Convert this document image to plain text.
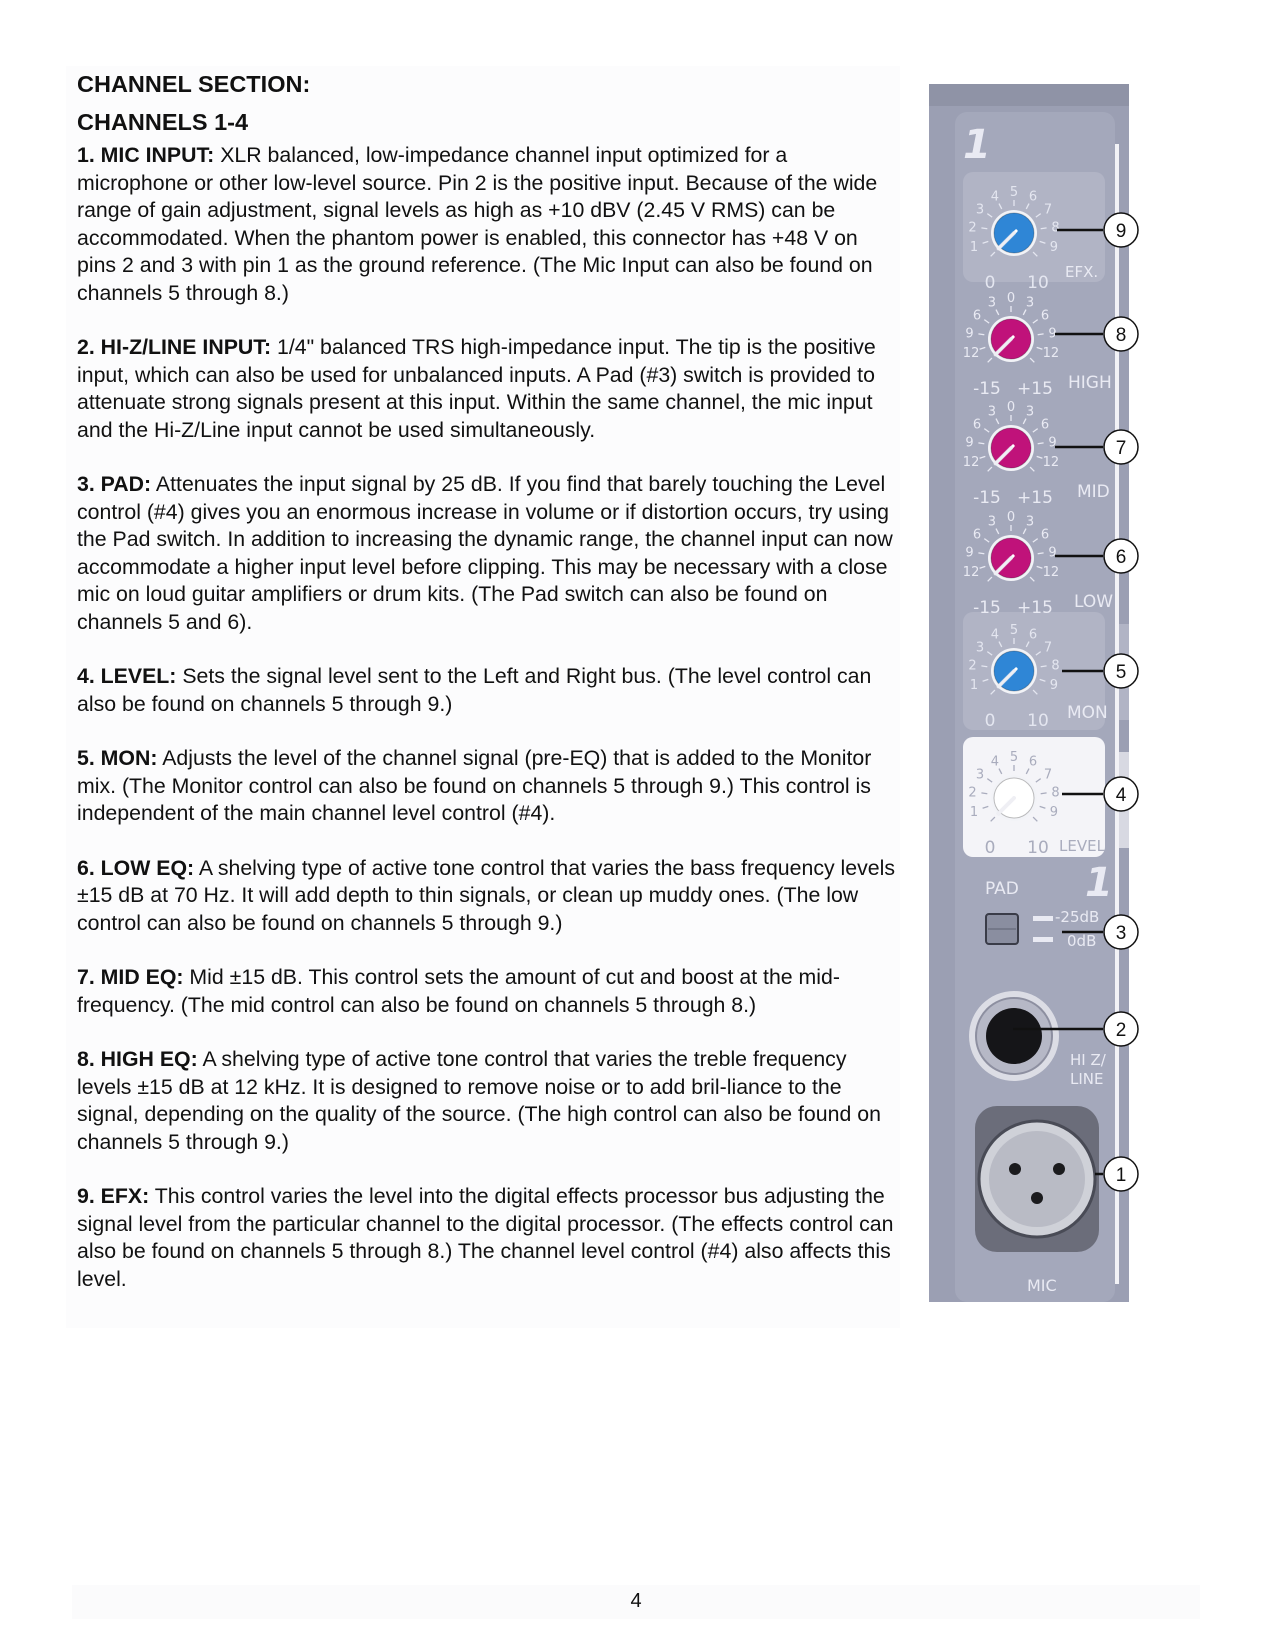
CHANNEL SECTION:

CHANNELS 1-4

1. MIC INPUT: XLR balanced, low-impedance channel input optimized for a microphone or other low-level source. Pin 2 is the positive input. Because of the wide range of gain adjustment, signal levels as high as +10 dBV (2.45 V RMS) can be accommodated. When the phantom power is enabled, this connector has +48 V on pins 2 and 3 with pin 1 as the ground reference. (The Mic Input can also be found on channels 5 through 8.)

2. HI-Z/LINE INPUT: 1/4" balanced TRS high-impedance input. The tip is the positive input, which can also be used for unbalanced inputs. A Pad (#3) switch is provided to attenuate strong signals present at this input. Within the same channel, the mic input and the Hi-Z/Line input cannot be used simultaneously.

3. PAD: Attenuates the input signal by 25 dB. If you find that barely touching the Level control (#4) gives you an enormous increase in volume or if distortion occurs, try using the Pad switch. In addition to increasing the dynamic range, the channel input can now accommodate a higher input level before clipping. This may be necessary with a close mic on loud guitar amplifiers or drum kits. (The Pad switch can also be found on channels 5 and 6).

4. LEVEL: Sets the signal level sent to the Left and Right bus. (The level control can also be found on channels 5 through 9.)

5. MON: Adjusts the level of the channel signal (pre-EQ) that is added to the Monitor mix. (The Monitor control can also be found on channels 5 through 9.) This control is independent of the main channel level control (#4).

6. LOW EQ: A shelving type of active tone control that varies the bass frequency levels ±15 dB at 70 Hz. It will add depth to thin signals, or clean up muddy ones. (The low control can also be found on channels 5 through 9.)

7. MID EQ: Mid ±15 dB. This control sets the amount of cut and boost at the mid-frequency. (The mid control can also be found on channels 5 through 8.)

8. HIGH EQ: A shelving type of active tone control that varies the treble frequency levels ±15 dB at 12 kHz. It is designed to remove noise or to add bril-liance to the signal, depending on the quality of the source. (The high control can also be found on channels 5 through 9.)

9. EFX: This control varies the level into the digital effects processor bus adjusting the signal level from the particular channel to the digital processor. (The effects control can also be found on channels 5 through 8.) The channel level control (#4) also affects this level.

1
0
1
2
3
4 5 6
7
8
9
10
-15
12
9
6
3 0 3
6
9
12
+15
-15
12
9
6
3 0 3
6
9
12
+15
-15
12
9
6
3 0 3
6
9
12
+15
0
1
2
3
4 5 6
7
8
9
10
0
1
2
3
4 5 6
7
8
9
10
EFX.
HIGH
MID
LOW
MON
LEVEL
PAD 1
-25dB
0dB
HI Z/
LINE
MIC
9
8
7
6
5
4
3
2
1
4
